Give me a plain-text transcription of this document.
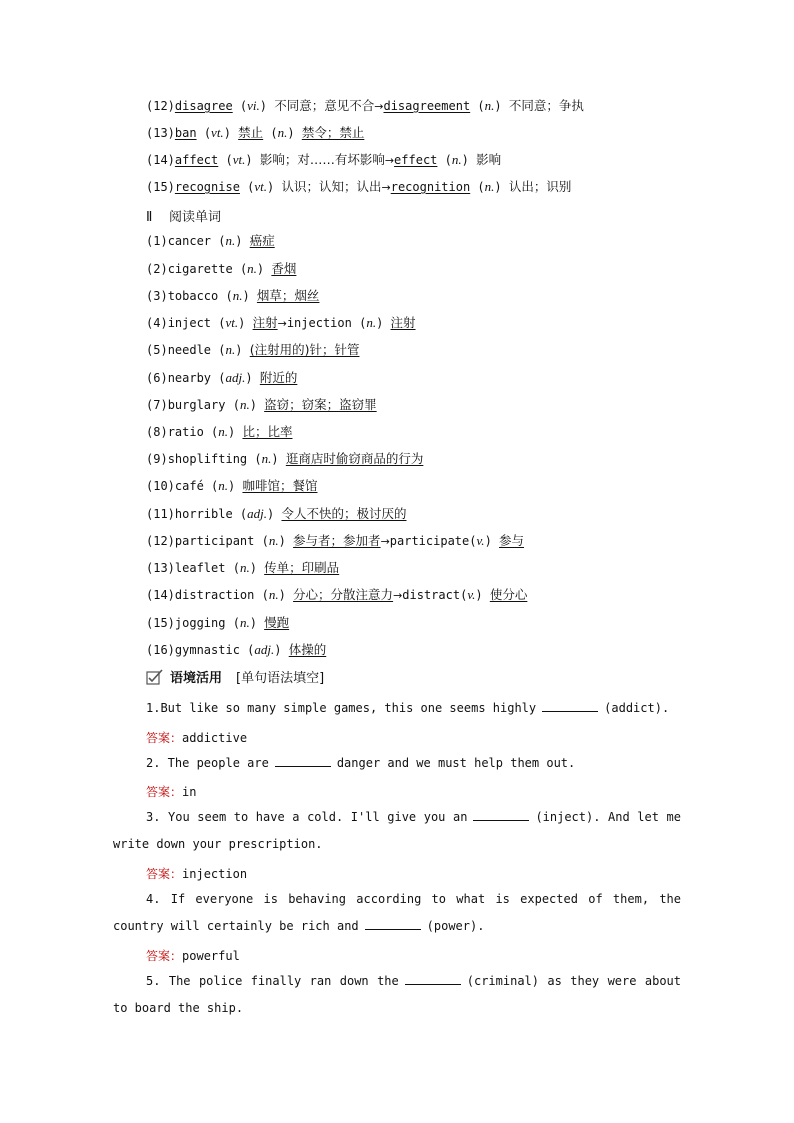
(12)disagree (vi.) 不同意；意见不合→disagreement (n.) 不同意；争执
(13)ban (vt.) 禁止 (n.) 禁令；禁止
(14)affect (vt.) 影响；对……有坏影响→effect (n.) 影响
(15)recognise (vt.) 认识；认知；认出→recognition (n.) 认出；识别
Ⅱ 阅读单词
(1)cancer (n.) 癌症
(2)cigarette (n.) 香烟
(3)tobacco (n.) 烟草；烟丝
(4)inject (vt.) 注射→injection (n.) 注射
(5)needle (n.) (注射用的)针；针管
(6)nearby (adj.) 附近的
(7)burglary (n.) 盗窃；窃案；盗窃罪
(8)ratio (n.) 比；比率
(9)shoplifting (n.) 逛商店时偷窃商品的行为
(10)café (n.) 咖啡馆；餐馆
(11)horrible (adj.) 令人不快的；极讨厌的
(12)participant (n.) 参与者；参加者→participate(v.) 参与
(13)leaflet (n.) 传单；印刷品
(14)distraction (n.) 分心；分散注意力→distract(v.) 使分心
(15)jogging (n.) 慢跑
(16)gymnastic (adj.) 体操的
语境活用 [单句语法填空]
1.But like so many simple games, this one seems highly	(addict).
答案：addictive
2. The people are	danger and we must help them out.
答案：in
3. You seem to have a cold. I'll give you an	(inject). And let me write down your prescription.
答案：injection
4. If everyone is behaving according to what is expected of them, the country will certainly be rich and	(power).
答案：powerful
5. The police finally ran down the	(criminal) as they were about to board the ship.
